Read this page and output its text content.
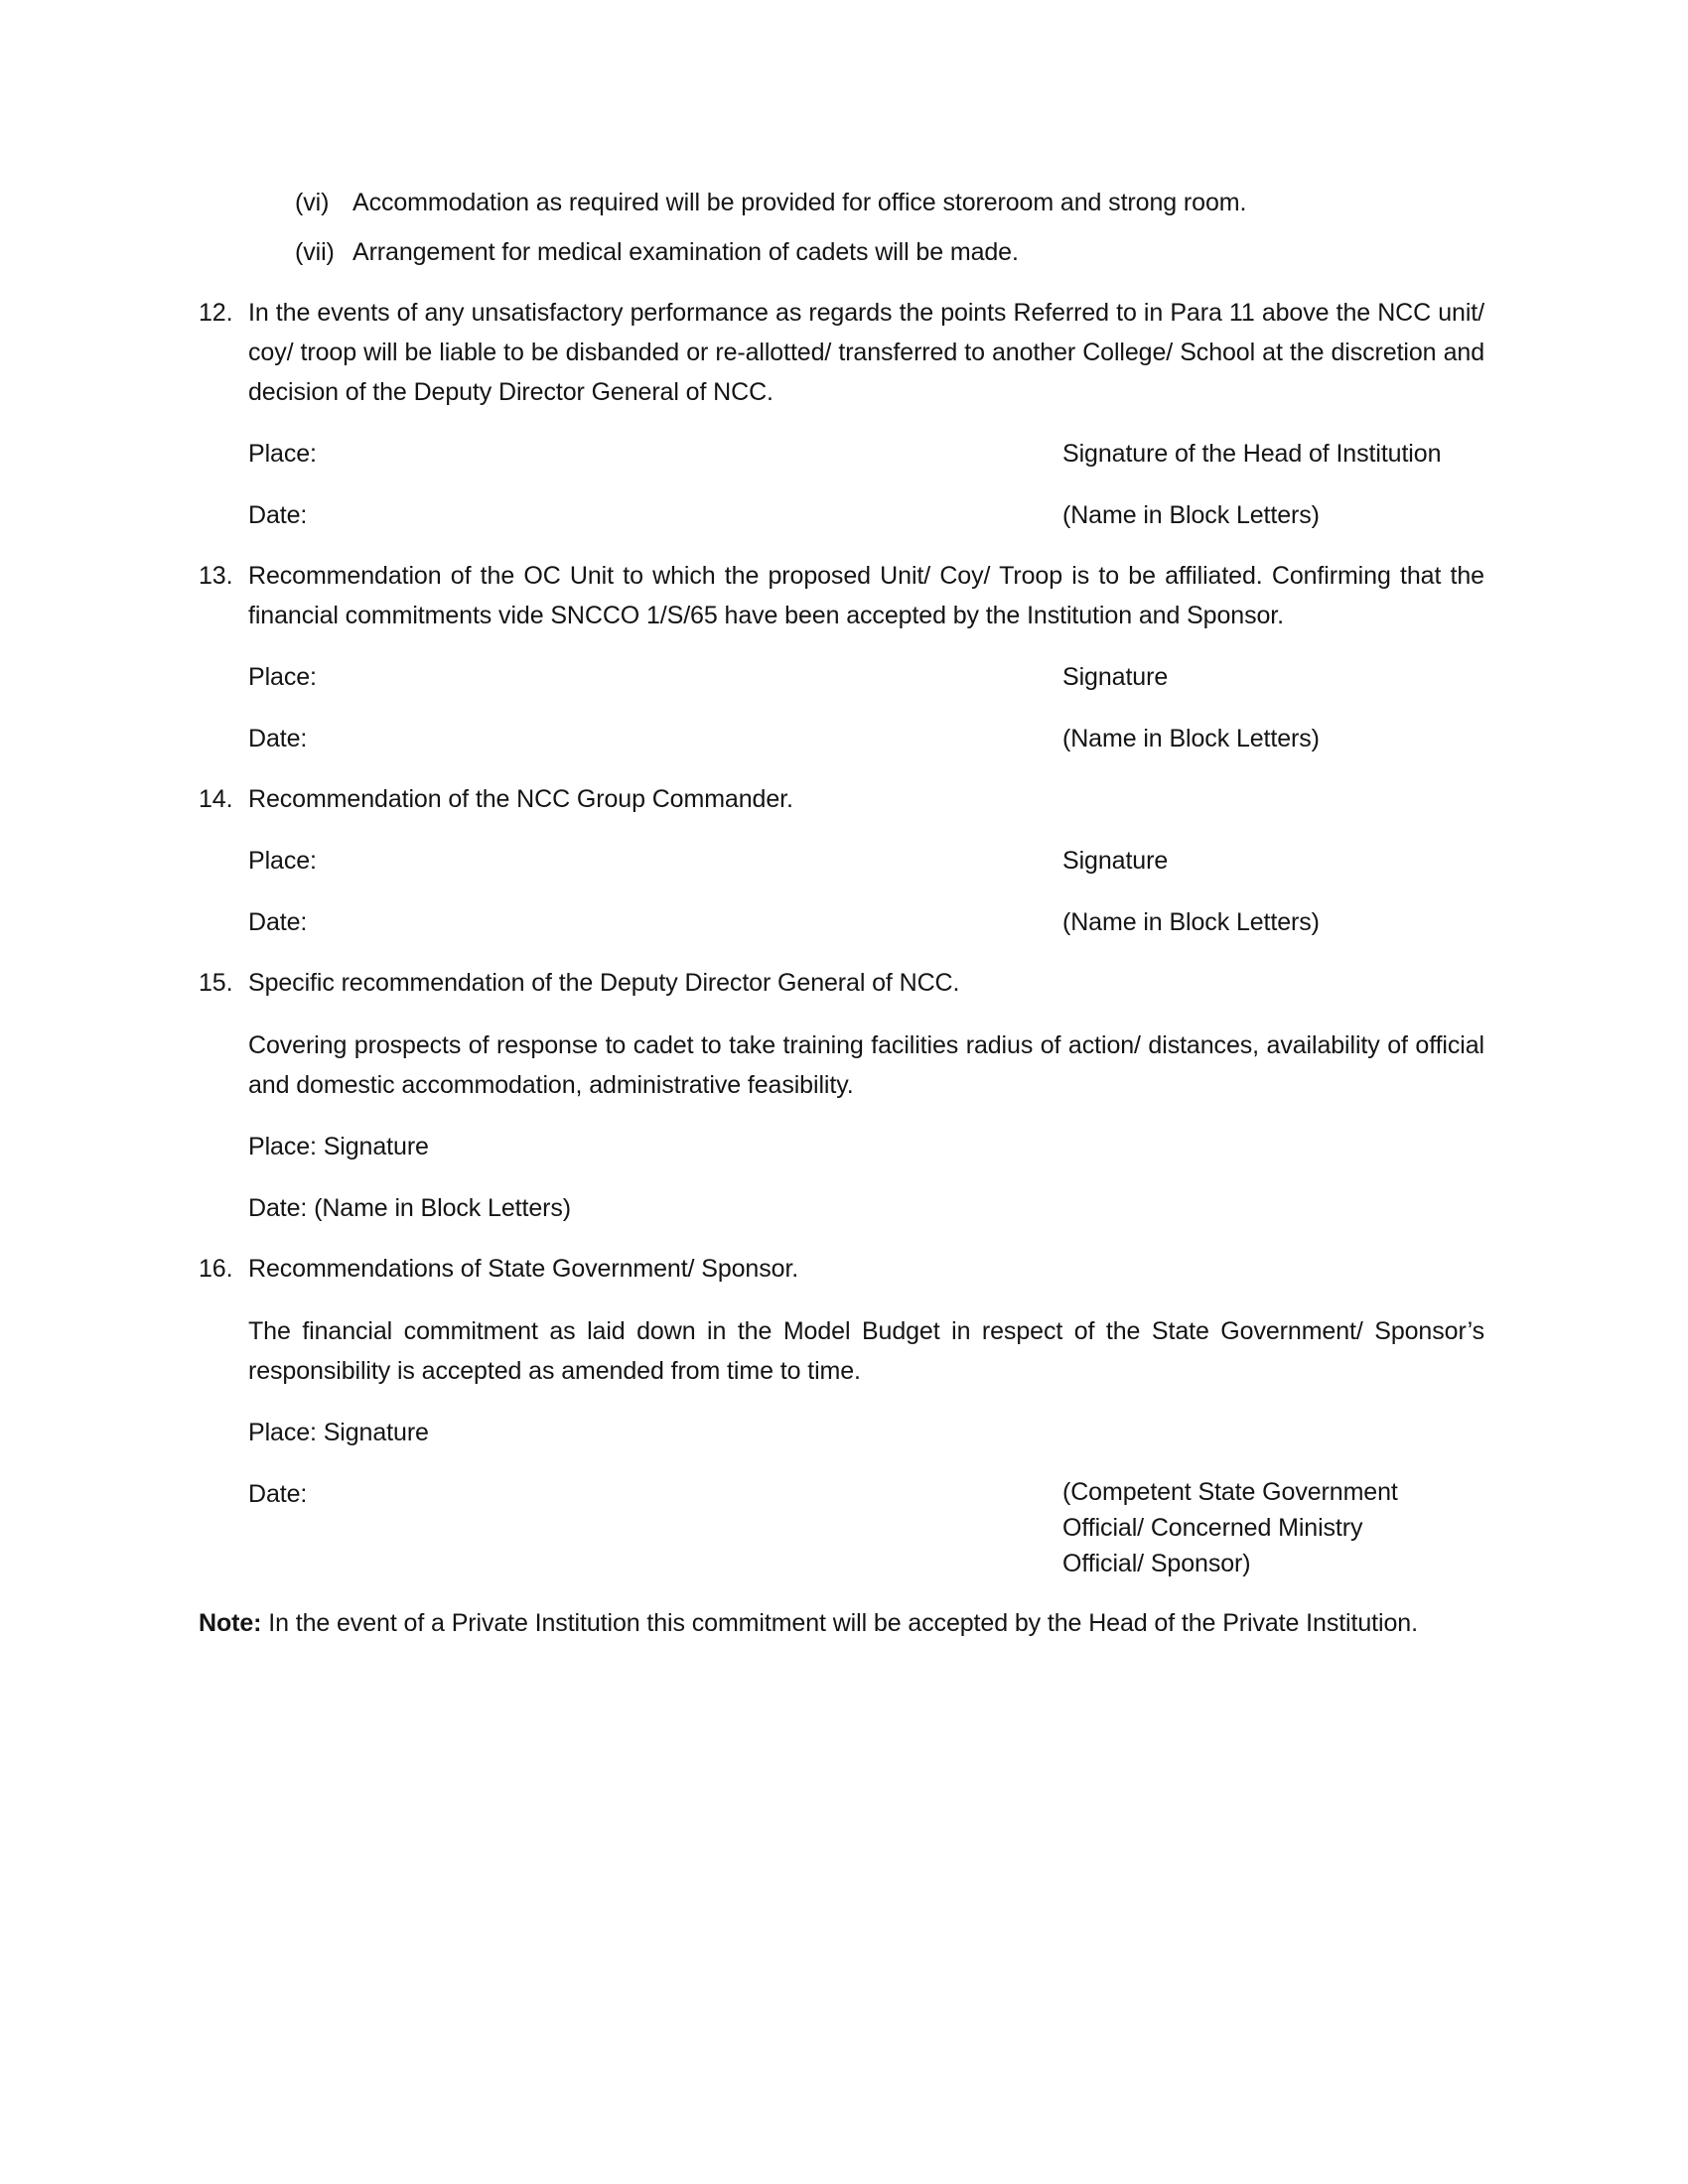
(vi) Accommodation as required will be provided for office storeroom and strong room.
(vii) Arrangement for medical examination of cadets will be made.
12. In the events of any unsatisfactory performance as regards the points Referred to in Para 11 above the NCC unit/ coy/ troop will be liable to be disbanded or re-allotted/ transferred to another College/ School at the discretion and decision of the Deputy Director General of NCC.

Place:	Signature of the Head of Institution
Date:	(Name in Block Letters)
13. Recommendation of the OC Unit to which the proposed Unit/ Coy/ Troop is to be affiliated. Confirming that the financial commitments vide SNCCO 1/S/65 have been accepted by the Institution and Sponsor.

Place:	Signature
Date:	(Name in Block Letters)
14. Recommendation of the NCC Group Commander.

Place:	Signature
Date:	(Name in Block Letters)
15. Specific recommendation of the Deputy Director General of NCC.

Covering prospects of response to cadet to take training facilities radius of action/ distances, availability of official and domestic accommodation, administrative feasibility.

Place: Signature

Date: (Name in Block Letters)

16. Recommendations of State Government/ Sponsor.

The financial commitment as laid down in the Model Budget in respect of the State Government/ Sponsor’s responsibility is accepted as amended from time to time.

Place: Signature

Date:	(Competent State Government
Official/ Concerned Ministry
Official/ Sponsor)

Note: In the event of a Private Institution this commitment will be accepted by the Head of the Private Institution.
